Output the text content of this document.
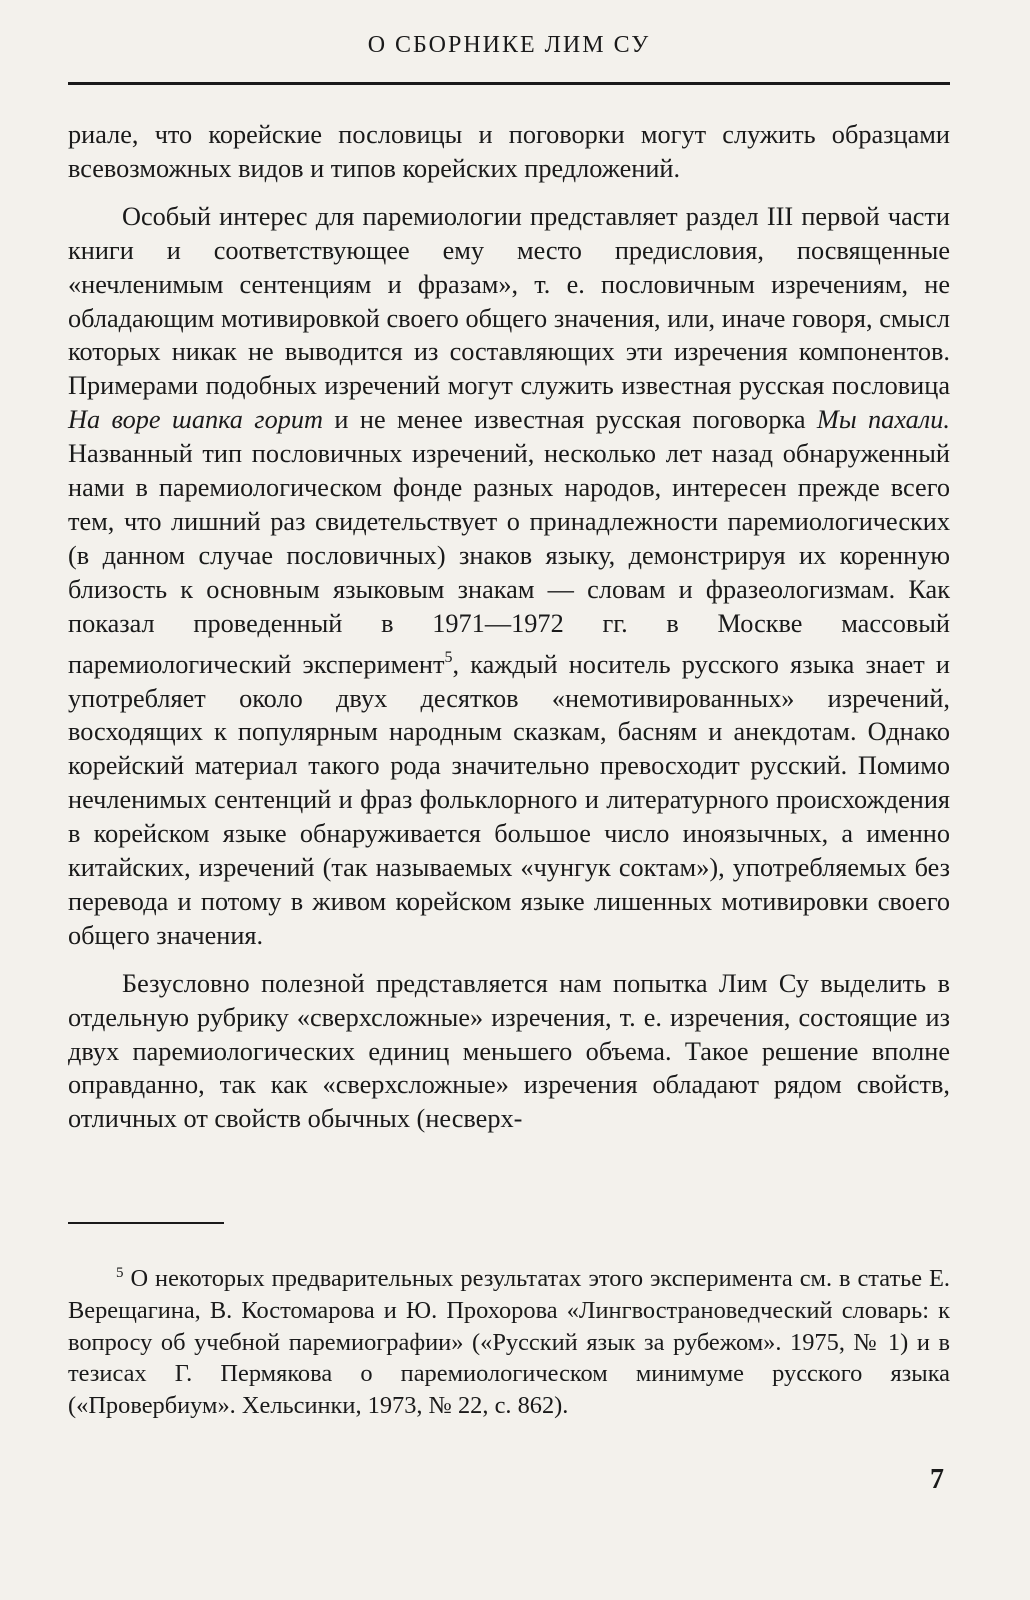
О СБОРНИКЕ ЛИМ СУ

риале, что корейские пословицы и поговорки могут служить образцами всевозможных видов и типов корейских предложений.

Особый интерес для паремиологии представляет раздел III первой части книги и соответствующее ему место предисловия, посвященные «нечленимым сентенциям и фразам», т. е. пословичным изречениям, не обладающим мотивировкой своего общего значения, или, иначе говоря, смысл которых никак не выводится из составляющих эти изречения компонентов. Примерами подобных изречений могут служить известная русская пословица На воре шапка горит и не менее известная русская поговорка Мы пахали. Названный тип пословичных изречений, несколько лет назад обнаруженный нами в паремиологическом фонде разных народов, интересен прежде всего тем, что лишний раз свидетельствует о принадлежности паремиологических (в данном случае пословичных) знаков языку, демонстрируя их коренную близость к основным языковым знакам — словам и фразеологизмам. Как показал проведенный в 1971—1972 гг. в Москве массовый паремиологический эксперимент$^5$, каждый носитель русского языка знает и употребляет около двух десятков «немотивированных» изречений, восходящих к популярным народным сказкам, басням и анекдотам. Однако корейский материал такого рода значительно превосходит русский. Помимо нечленимых сентенций и фраз фольклорного и литературного происхождения в корейском языке обнаруживается большое число иноязычных, а именно китайских, изречений (так называемых «чунгук сoктам»), употребляемых без перевода и потому в живом корейском языке лишенных мотивировки своего общего значения.

Безусловно полезной представляется нам попытка Лим Су выделить в отдельную рубрику «сверхсложные» изречения, т. е. изречения, состоящие из двух паремиологических единиц меньшего объема. Такое решение вполне оправданно, так как «сверхсложные» изречения обладают рядом свойств, отличных от свойств обычных (несверх-

$^5$ О некоторых предварительных результатах этого эксперимента см. в статье Е. Верещагина, В. Костомарова и Ю. Прохорова «Лингвострановедческий словарь: к вопросу об учебной паремиографии» («Русский язык за рубежом». 1975, № 1) и в тезисах Г. Пермякова о паремиологическом минимуме русского языка («Провербиум». Хельсинки, 1973, № 22, с. 862).

7
